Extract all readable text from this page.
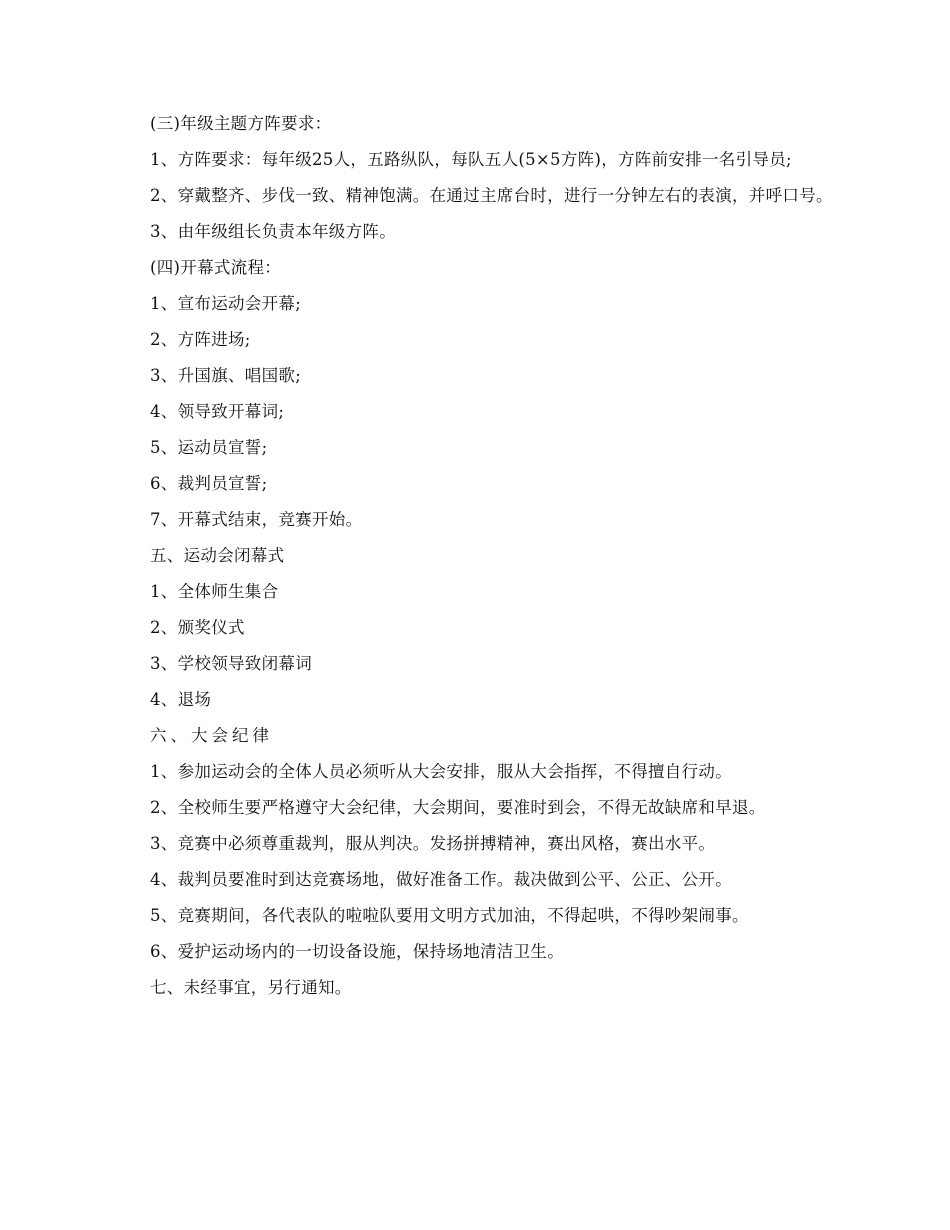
(三)年级主题方阵要求：

1、方阵要求：每年级25人，五路纵队，每队五人(5×5方阵)，方阵前安排一名引导员;

2、穿戴整齐、步伐一致、精神饱满。在通过主席台时，进行一分钟左右的表演，并呼口号。

3、由年级组长负责本年级方阵。

(四)开幕式流程：

1、宣布运动会开幕;

2、方阵进场;

3、升国旗、唱国歌;

4、领导致开幕词;

5、运动员宣誓;

6、裁判员宣誓;

7、开幕式结束，竞赛开始。

五、运动会闭幕式

1、全体师生集合

2、颁奖仪式

3、学校领导致闭幕词

4、退场

六、大会纪律

1、参加运动会的全体人员必须听从大会安排，服从大会指挥，不得擅自行动。

2、全校师生要严格遵守大会纪律，大会期间，要准时到会，不得无故缺席和早退。

3、竞赛中必须尊重裁判，服从判决。发扬拼搏精神，赛出风格，赛出水平。

4、裁判员要准时到达竞赛场地，做好准备工作。裁决做到公平、公正、公开。

5、竞赛期间，各代表队的啦啦队要用文明方式加油，不得起哄，不得吵架闹事。

6、爱护运动场内的一切设备设施，保持场地清洁卫生。

七、未经事宜，另行通知。
